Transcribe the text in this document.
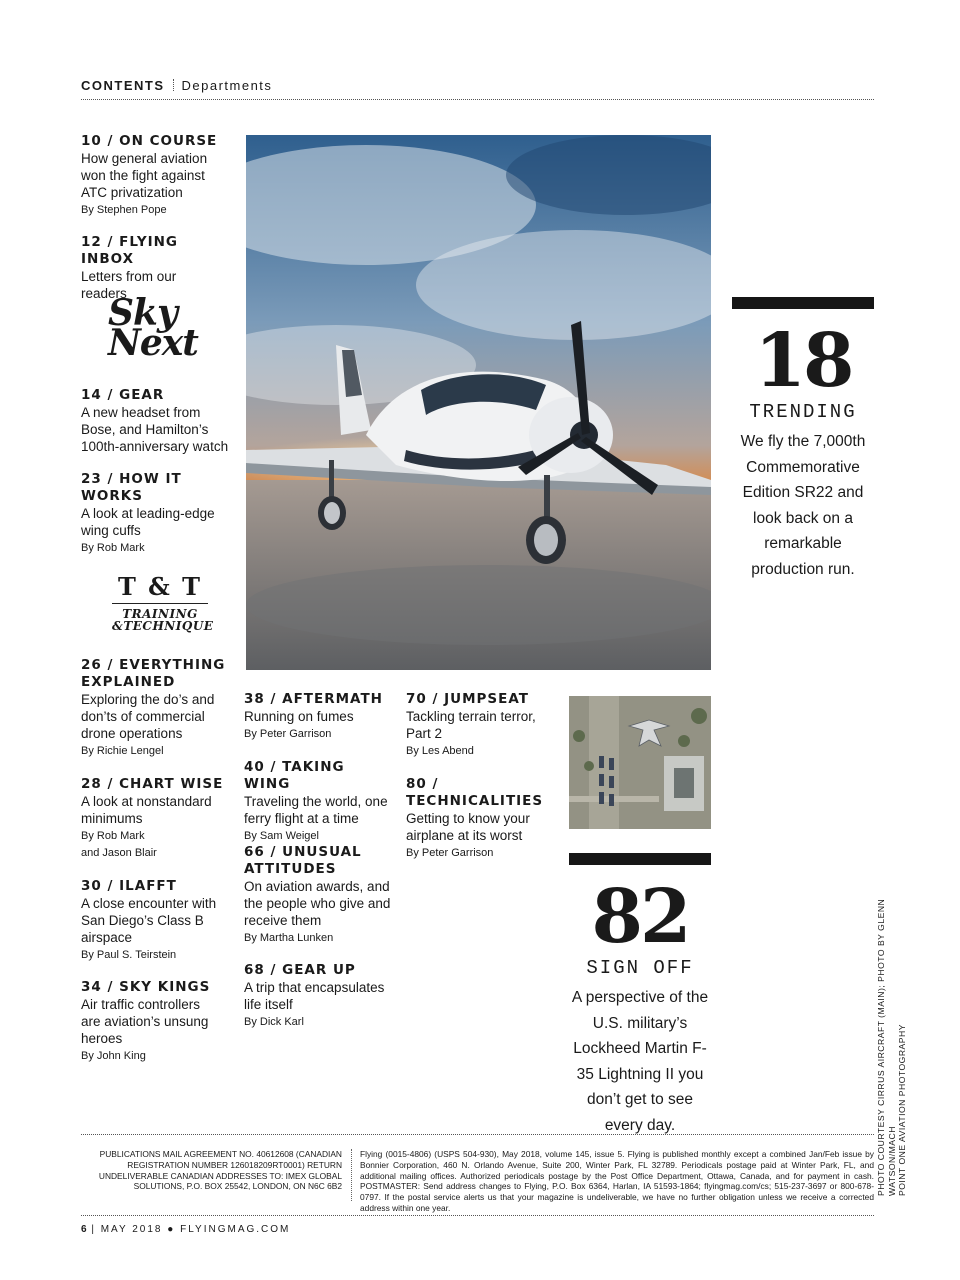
CONTENTS Departments
10 / ON COURSE
How general aviation won the fight against ATC privatization
By Stephen Pope
12 / FLYING INBOX
Letters from our readers
Sky
Next
14 / GEAR
A new headset from Bose, and Hamilton’s 100th-anniversary watch
23 / HOW IT WORKS
A look at leading-edge wing cuffs
By Rob Mark
T & T
TRAINING
&TECHNIQUE
26 / EVERYTHING EXPLAINED
Exploring the do’s and don’ts of commercial drone operations
By Richie Lengel
28 / CHART WISE
A look at nonstandard minimums
By Rob Mark
and Jason Blair
30 / ILAFFT
A close encounter with San Diego’s Class B airspace
By Paul S. Teirstein
34 / SKY KINGS
Air traffic controllers are aviation’s unsung heroes
By John King
38 / AFTERMATH
Running on fumes
By Peter Garrison
40 / TAKING WING
Traveling the world, one ferry flight at a time
By Sam Weigel
66 / UNUSUAL ATTITUDES
On aviation awards, and the people who give and receive them
By Martha Lunken
68 / GEAR UP
A trip that encapsulates life itself
By Dick Karl
70 / JUMPSEAT
Tackling terrain terror, Part 2
By Les Abend
80 / TECHNICALITIES
Getting to know your airplane at its worst
By Peter Garrison
18
TRENDING
We fly the 7,000th Commemorative Edition SR22 and look back on a remarkable production run.
82
SIGN OFF
A perspective of the U.S. military’s Lockheed Martin F-35 Lightning II you don’t get to see every day.	PHOTO COURTESY CIRRUS AIRCRAFT (MAIN); PHOTO BY GLENN WATSON/MACH POINT ONE AVIATION PHOTOGRAPHY
PUBLICATIONS MAIL AGREEMENT NO. 40612608 (CANADIAN REGISTRATION NUMBER 126018209RT0001) RETURN UNDELIVERABLE CANADIAN ADDRESSES TO: IMEX GLOBAL SOLUTIONS, P.O. BOX 25542, LONDON, ON N6C 6B2
Flying (0015-4806) (USPS 504-930), May 2018, volume 145, issue 5. Flying is published monthly except a combined Jan/Feb issue by Bonnier Corporation, 460 N. Orlando Avenue, Suite 200, Winter Park, FL 32789. Periodicals postage paid at Winter Park, FL, and additional mailing offices. Authorized periodicals postage by the Post Office Department, Ottawa, Canada, and for payment in cash. POSTMASTER: Send address changes to Flying, P.O. Box 6364, Harlan, IA 51593-1864; flyingmag.com/cs; 515-237-3697 or 800-678-0797. If the postal service alerts us that your magazine is undeliverable, we have no further obligation unless we receive a corrected address within one year.
6 | MAY 2018 ● FLYINGMAG.COM
